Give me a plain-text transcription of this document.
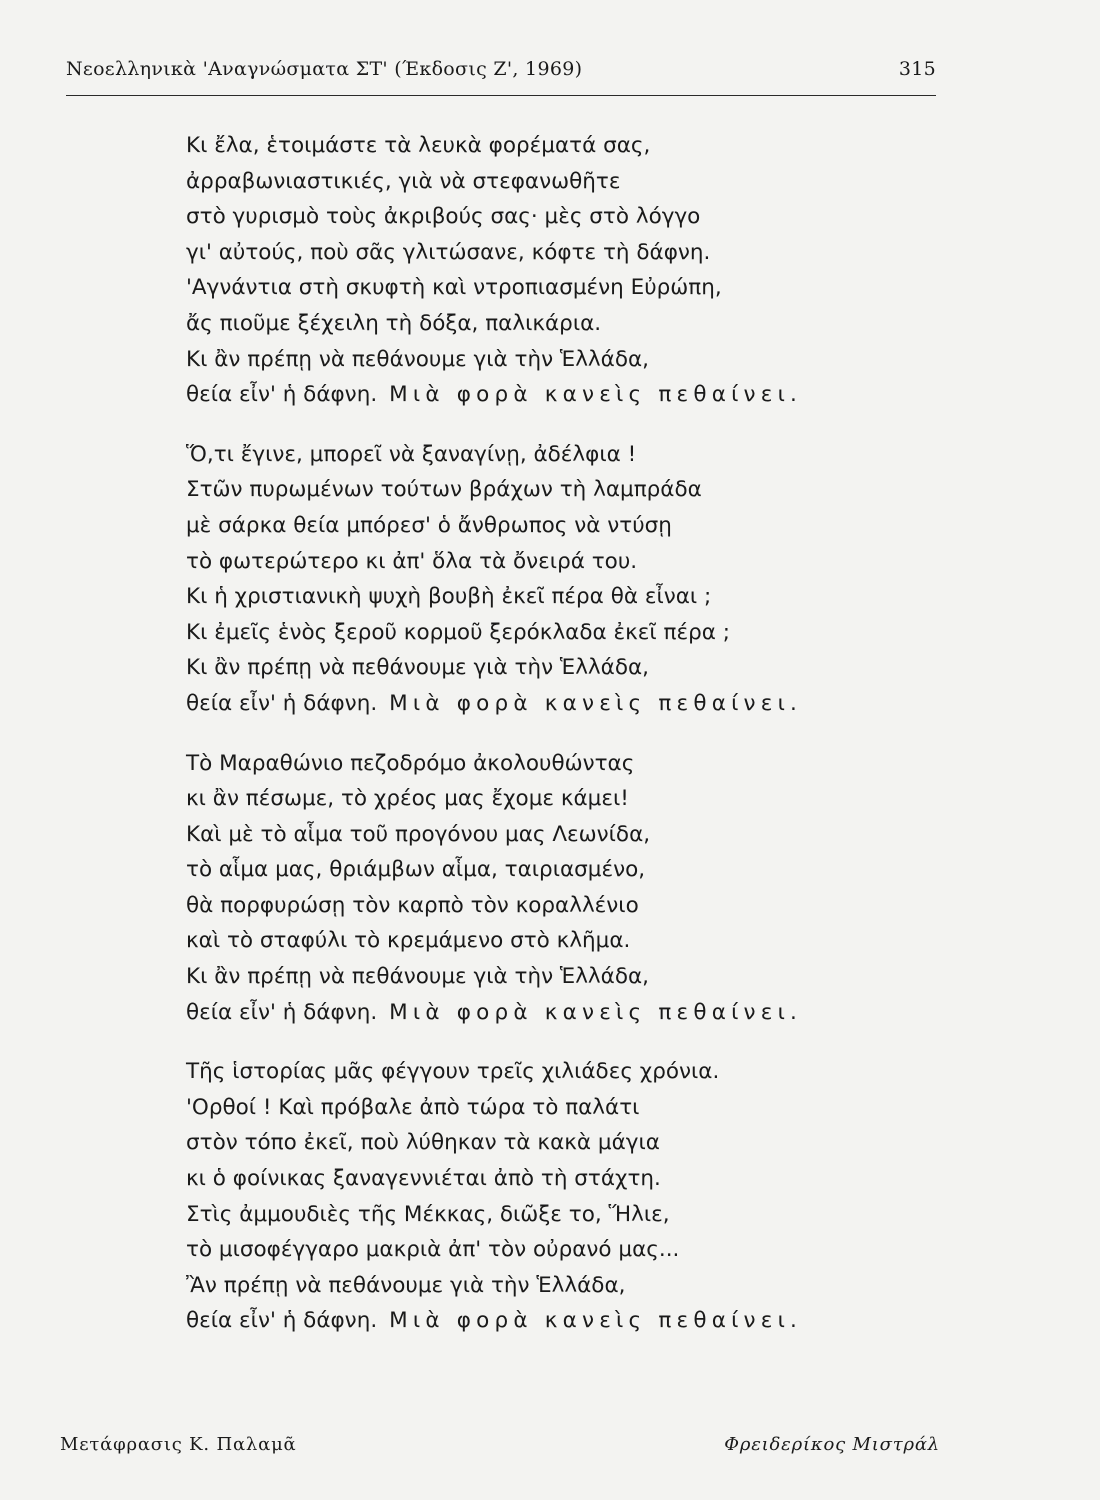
Νεοελληνικὰ 'Αναγνώσματα ΣΤ' (Έκδοσις Ζ', 1969)	315
Κι ἔλα, ἑτοιμάστε τὰ λευκὰ φορέματά σας,
ἀρραβωνιαστικιές, γιὰ νὰ στεφανωθῆτε
στὸ γυρισμὸ τοὺς ἀκριβούς σας· μὲς στὸ λόγγο
γι' αὐτούς, ποὺ σᾶς γλιτώσανε, κόφτε τὴ δάφνη.
'Αγνάντια στὴ σκυφτὴ καὶ ντροπιασμένη Εὐρώπη,
ἄς πιοῦμε ξέχειλη τὴ δόξα, παλικάρια.
Κι ἂν πρέπῃ νὰ πεθάνουμε γιὰ τὴν Ἑλλάδα,
θεία εἶν' ἡ δάφνη. Μιὰ φορὰ κανεὶς πεθαίνει.
Ὅ,τι ἔγινε, μπορεῖ νὰ ξαναγίνῃ, ἀδέλφια !
Στῶν πυρωμένων τούτων βράχων τὴ λαμπράδα
μὲ σάρκα θεία μπόρεσ' ὁ ἄνθρωπος νὰ ντύσῃ
τὸ φωτερώτερο κι ἀπ' ὅλα τὰ ὄνειρά του.
Κι ἡ χριστιανικὴ ψυχὴ βουβὴ ἐκεῖ πέρα θὰ εἶναι ;
Κι ἐμεῖς ἑνὸς ξεροῦ κορμοῦ ξερόκλαδα ἐκεῖ πέρα ;
Κι ἂν πρέπῃ νὰ πεθάνουμε γιὰ τὴν Ἑλλάδα,
θεία εἶν' ἡ δάφνη. Μιὰ φορὰ κανεὶς πεθαίνει.
Τὸ Μαραθώνιο πεζοδρόμο ἀκολουθώντας
κι ἂν πέσωμε, τὸ χρέος μας ἔχομε κάμει!
Καὶ μὲ τὸ αἷμα τοῦ προγόνου μας Λεωνίδα,
τὸ αἷμα μας, θριάμβων αἷμα, ταιριασμένο,
θὰ πορφυρώσῃ τὸν καρπὸ τὸν κοραλλένιο
καὶ τὸ σταφύλι τὸ κρεμάμενο στὸ κλῆμα.
Κι ἂν πρέπῃ νὰ πεθάνουμε γιὰ τὴν Ἑλλάδα,
θεία εἶν' ἡ δάφνη. Μιὰ φορὰ κανεὶς πεθαίνει.
Τῆς ἱστορίας μᾶς φέγγουν τρεῖς χιλιάδες χρόνια.
'Ορθοί ! Καὶ πρόβαλε ἀπὸ τώρα τὸ παλάτι
στὸν τόπο ἐκεῖ, ποὺ λύθηκαν τὰ κακὰ μάγια
κι ὁ φοίνικας ξαναγεννιέται ἀπὸ τὴ στάχτη.
Στὶς ἀμμουδιὲς τῆς Μέκκας, διῶξε το, Ἥλιε,
τὸ μισοφέγγαρο μακριὰ ἀπ' τὸν οὐρανό μας...
Ἂν πρέπῃ νὰ πεθάνουμε γιὰ τὴν Ἑλλάδα,
θεία εἶν' ἡ δάφνη. Μιὰ φορὰ κανεὶς πεθαίνει.
Μετάφρασις Κ. Παλαμᾶ	Φρειδερίκος Μιστράλ
